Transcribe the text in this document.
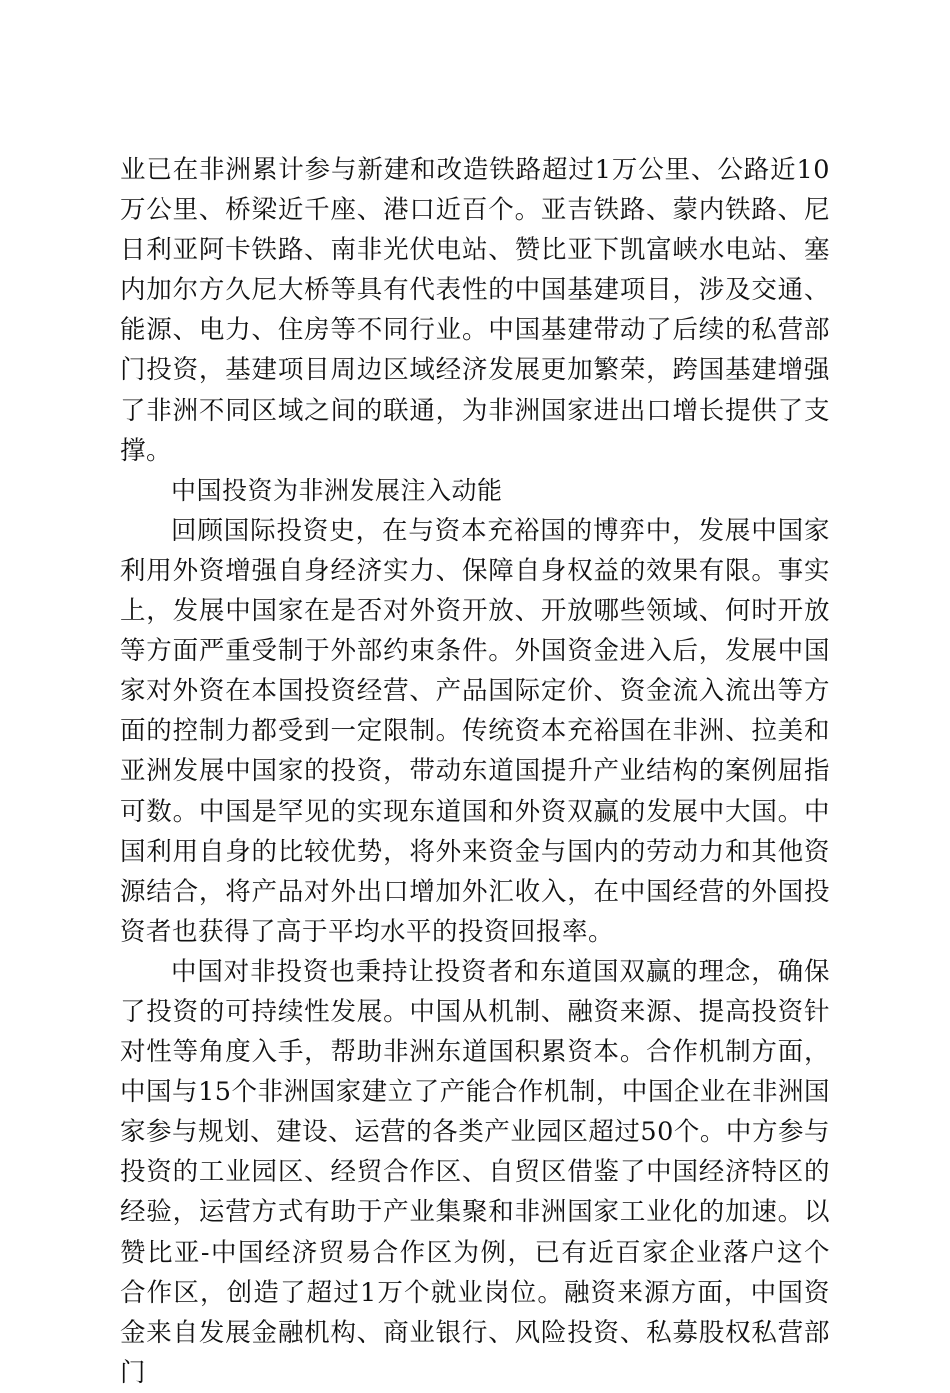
业已在非洲累计参与新建和改造铁路超过1万公里、公路近10万公里、桥梁近千座、港口近百个。亚吉铁路、蒙内铁路、尼日利亚阿卡铁路、南非光伏电站、赞比亚下凯富峡水电站、塞内加尔方久尼大桥等具有代表性的中国基建项目，涉及交通、能源、电力、住房等不同行业。中国基建带动了后续的私营部门投资，基建项目周边区域经济发展更加繁荣，跨国基建增强了非洲不同区域之间的联通，为非洲国家进出口增长提供了支撑。

中国投资为非洲发展注入动能

回顾国际投资史，在与资本充裕国的博弈中，发展中国家利用外资增强自身经济实力、保障自身权益的效果有限。事实上，发展中国家在是否对外资开放、开放哪些领域、何时开放等方面严重受制于外部约束条件。外国资金进入后，发展中国家对外资在本国投资经营、产品国际定价、资金流入流出等方面的控制力都受到一定限制。传统资本充裕国在非洲、拉美和亚洲发展中国家的投资，带动东道国提升产业结构的案例屈指可数。中国是罕见的实现东道国和外资双赢的发展中大国。中国利用自身的比较优势，将外来资金与国内的劳动力和其他资源结合，将产品对外出口增加外汇收入，在中国经营的外国投资者也获得了高于平均水平的投资回报率。

中国对非投资也秉持让投资者和东道国双赢的理念，确保了投资的可持续性发展。中国从机制、融资来源、提高投资针对性等角度入手，帮助非洲东道国积累资本。合作机制方面，中国与15个非洲国家建立了产能合作机制，中国企业在非洲国家参与规划、建设、运营的各类产业园区超过50个。中方参与投资的工业园区、经贸合作区、自贸区借鉴了中国经济特区的经验，运营方式有助于产业集聚和非洲国家工业化的加速。以赞比亚-中国经济贸易合作区为例，已有近百家企业落户这个合作区，创造了超过1万个就业岗位。融资来源方面，中国资金来自发展金融机构、商业银行、风险投资、私募股权私营部门
